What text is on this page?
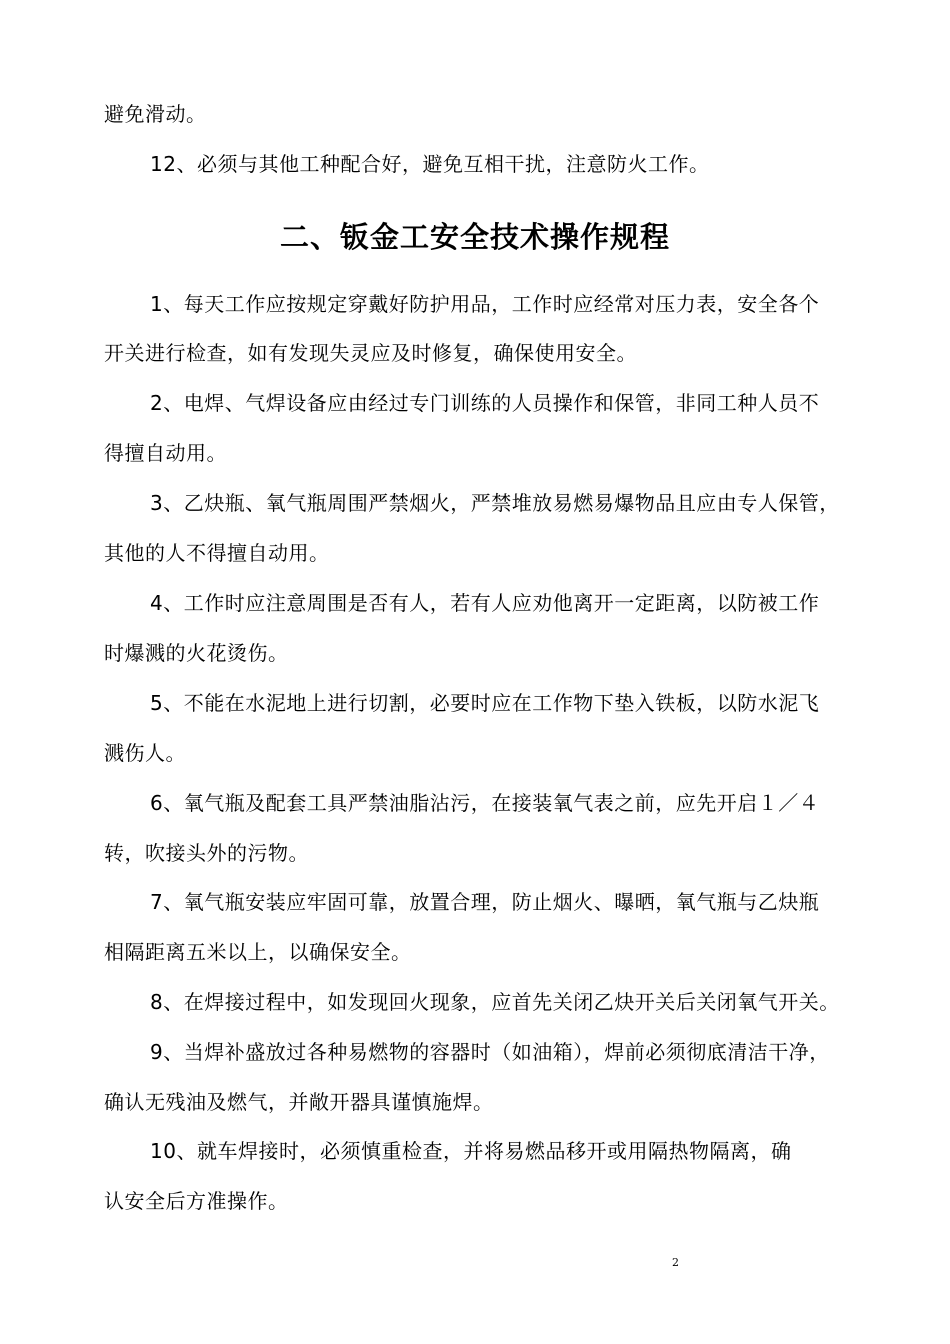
避免滑动。
12、必须与其他工种配合好，避免互相干扰，注意防火工作。
二、钣金工安全技术操作规程
1、每天工作应按规定穿戴好防护用品，工作时应经常对压力表，安全各个
开关进行检查，如有发现失灵应及时修复，确保使用安全。
2、电焊、气焊设备应由经过专门训练的人员操作和保管，非同工种人员不
得擅自动用。
3、乙炔瓶、氧气瓶周围严禁烟火，严禁堆放易燃易爆物品且应由专人保管，
其他的人不得擅自动用。
4、工作时应注意周围是否有人，若有人应劝他离开一定距离，以防被工作
时爆溅的火花烫伤。
5、不能在水泥地上进行切割，必要时应在工作物下垫入铁板，以防水泥飞
溅伤人。
6、氧气瓶及配套工具严禁油脂沾污，在接装氧气表之前，应先开启１／４
转，吹接头外的污物。
7、氧气瓶安装应牢固可靠，放置合理，防止烟火、曝晒，氧气瓶与乙炔瓶
相隔距离五米以上，以确保安全。
8、在焊接过程中，如发现回火现象，应首先关闭乙炔开关后关闭氧气开关。
9、当焊补盛放过各种易燃物的容器时（如油箱），焊前必须彻底清洁干净，
确认无残油及燃气，并敞开器具谨慎施焊。
10、就车焊接时，必须慎重检查，并将易燃品移开或用隔热物隔离，确
认安全后方准操作。
2
